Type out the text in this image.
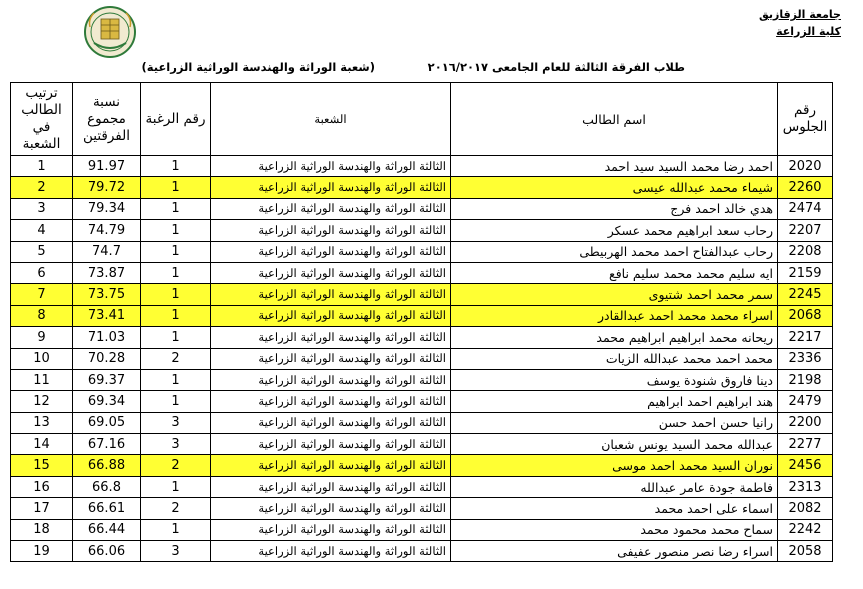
جامعة الزقازيق
كلية الزراعة
طلاب الفرقة الثالثة للعام الجامعى ٢٠١٦/٢٠١٧
(شعبة الوراثة والهندسة الوراثية الزراعية)
ترتيب الطالب في الشعبة	نسبة مجموع الفرقتين	رقم الرغبة	الشعبة	اسم الطالب	رقم الجلوس
1	91.97	1	الثالثة الوراثة والهندسة الوراثية الزراعية	احمد رضا محمد السيد سيد احمد	2020
2	79.72	1	الثالثة الوراثة والهندسة الوراثية الزراعية	شيماء محمد عبدالله عيسى	2260
3	79.34	1	الثالثة الوراثة والهندسة الوراثية الزراعية	هدي خالد احمد فرج	2474
4	74.79	1	الثالثة الوراثة والهندسة الوراثية الزراعية	رحاب سعد ابراهيم محمد عسكر	2207
5	74.7	1	الثالثة الوراثة والهندسة الوراثية الزراعية	رحاب عبدالفتاح احمد محمد الهربيطى	2208
6	73.87	1	الثالثة الوراثة والهندسة الوراثية الزراعية	ايه سليم محمد محمد سليم نافع	2159
7	73.75	1	الثالثة الوراثة والهندسة الوراثية الزراعية	سمر محمد احمد شتيوى	2245
8	73.41	1	الثالثة الوراثة والهندسة الوراثية الزراعية	اسراء محمد محمد احمد عبدالقادر	2068
9	71.03	1	الثالثة الوراثة والهندسة الوراثية الزراعية	ريحانه محمد ابراهيم ابراهيم محمد	2217
10	70.28	2	الثالثة الوراثة والهندسة الوراثية الزراعية	محمد احمد محمد عبدالله الزيات	2336
11	69.37	1	الثالثة الوراثة والهندسة الوراثية الزراعية	دينا فاروق شنودة يوسف	2198
12	69.34	1	الثالثة الوراثة والهندسة الوراثية الزراعية	هند ابراهيم احمد ابراهيم	2479
13	69.05	3	الثالثة الوراثة والهندسة الوراثية الزراعية	رانيا حسن احمد حسن	2200
14	67.16	3	الثالثة الوراثة والهندسة الوراثية الزراعية	عبدالله محمد السيد يونس شعبان	2277
15	66.88	2	الثالثة الوراثة والهندسة الوراثية الزراعية	نوران السيد محمد احمد موسى	2456
16	66.8	1	الثالثة الوراثة والهندسة الوراثية الزراعية	فاطمة جودة عامر عبدالله	2313
17	66.61	2	الثالثة الوراثة والهندسة الوراثية الزراعية	اسماء على احمد محمد	2082
18	66.44	1	الثالثة الوراثة والهندسة الوراثية الزراعية	سماح محمد محمود محمد	2242
19	66.06	3	الثالثة الوراثة والهندسة الوراثية الزراعية	اسراء رضا نصر منصور عفيفى	2058
